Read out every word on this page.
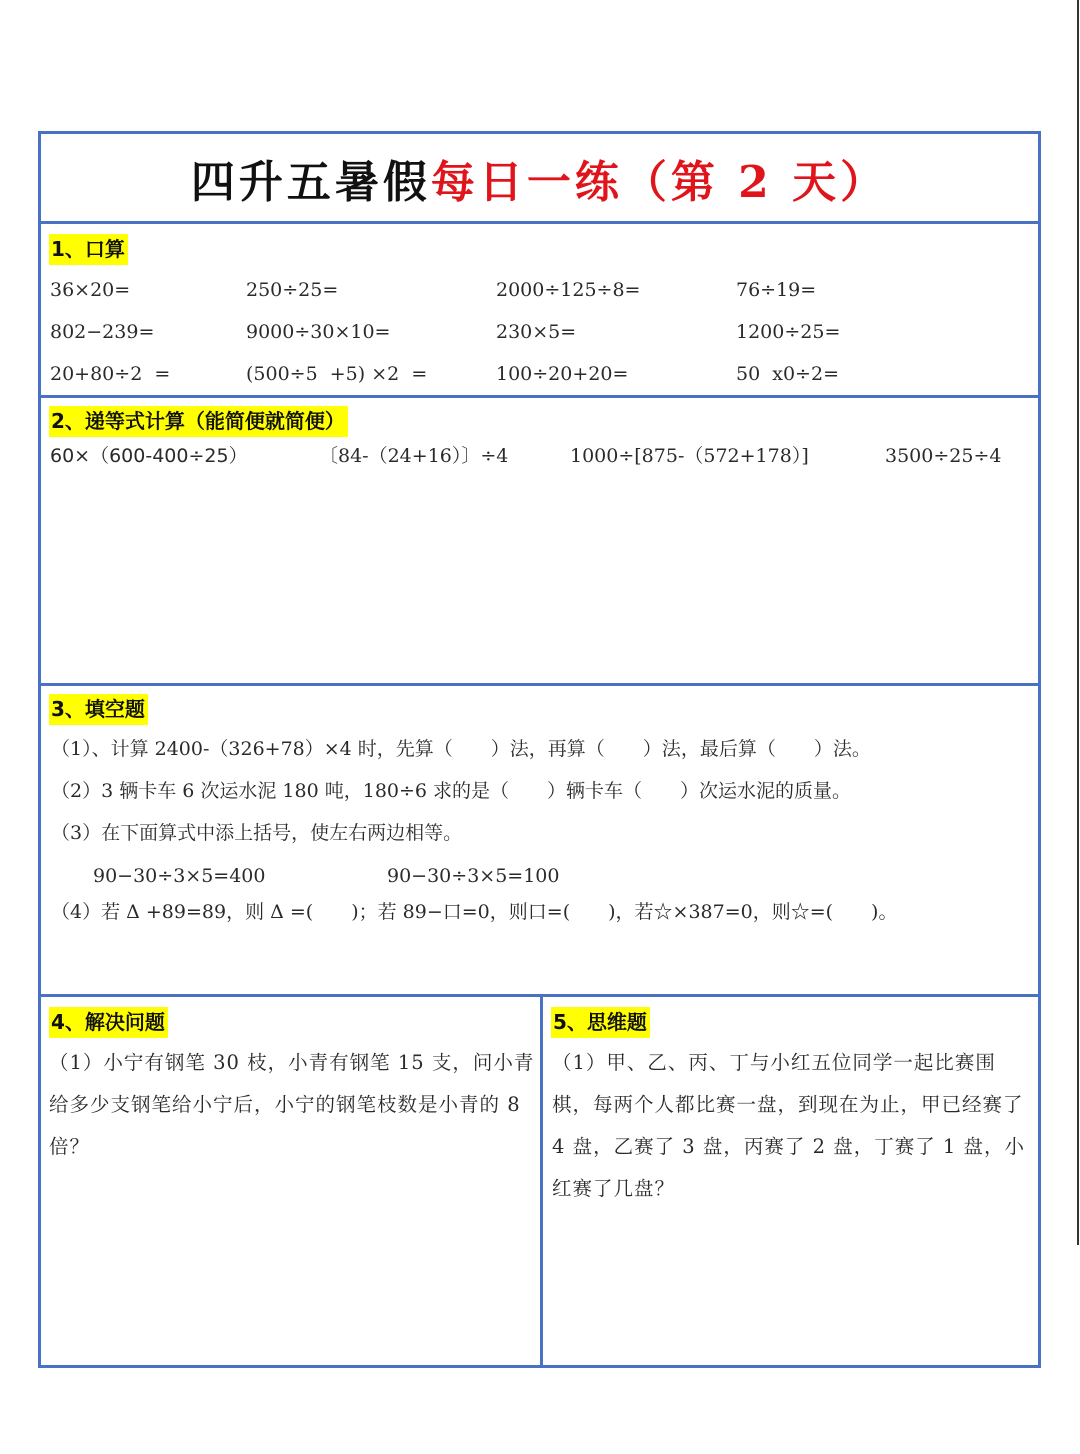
四升五暑假每日一练（第 2 天）
1、口算
36×20=	250÷25=	2000÷125÷8=	76÷19=
802−239=	9000÷30×10=	230×5=	1200÷25=
20+80÷2  =	(500÷5  +5) ×2  =	100÷20+20=	50  x0÷2=
2、递等式计算（能简便就简便）
60×（600-400÷25）	〔84-（24+16）〕÷4	1000÷[875-（572+178）]	3500÷25÷4
3、填空题
（1）、计算 2400-（326+78）×4 时，先算（　　）法，再算（　　）法，最后算（　　）法。
（2）3 辆卡车 6 次运水泥 180 吨，180÷6 求的是（　　）辆卡车（　　）次运水泥的质量。
（3）在下面算式中添上括号，使左右两边相等。
90−30÷3×5=400	90−30÷3×5=100
（4）若 Δ +89=89，则 Δ =(　　)；若 89−口=0，则口=(　　)，若☆×387=0，则☆=(　　)。
4、解决问题
（1）小宁有钢笔 30 枝，小青有钢笔 15 支，问小青给多少支钢笔给小宁后，小宁的钢笔枝数是小青的 8 倍？
5、思维题
（1）甲、乙、丙、丁与小红五位同学一起比赛围棋，每两个人都比赛一盘，到现在为止，甲已经赛了 4 盘，乙赛了 3 盘，丙赛了 2 盘，丁赛了 1 盘，小红赛了几盘？
